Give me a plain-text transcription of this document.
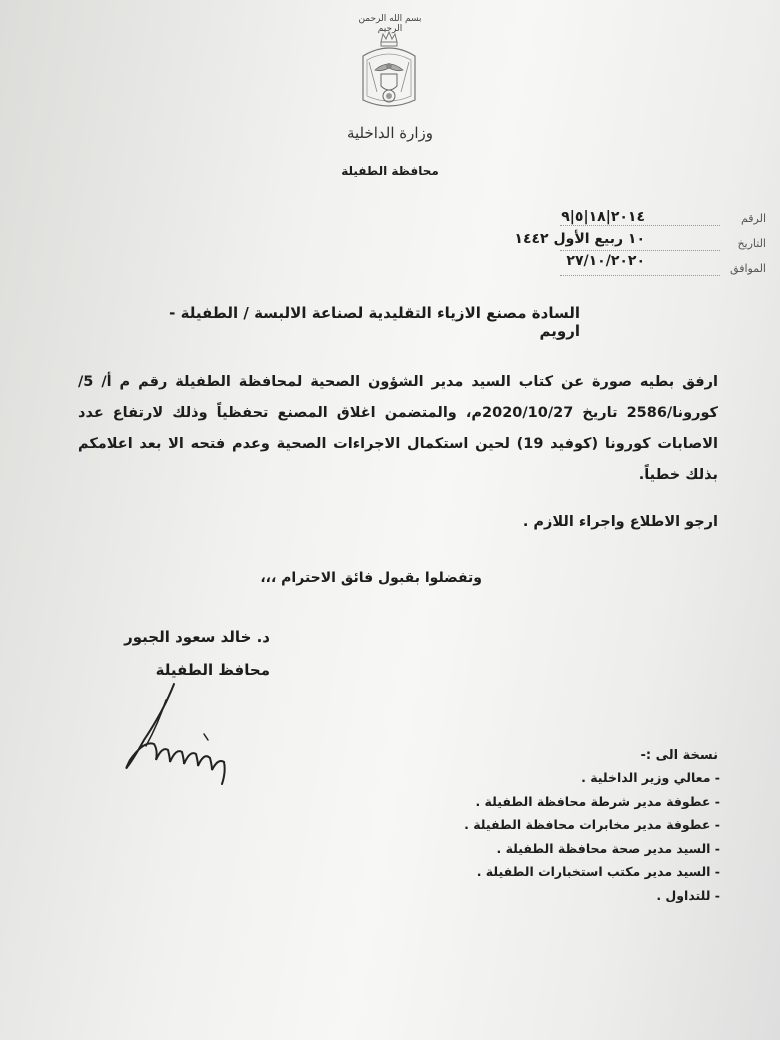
بسم الله الرحمن الرحيم
وزارة الداخلية
محافظة الطفيلة
الرقم
التاريخ
الموافق
٢٠١٤|١٨|٥|٩
١٠ ربيع الأول ١٤٤٢
٢٧/١٠/٢٠٢٠
السادة مصنع الازياء التقليدية لصناعة الالبسة / الطفيلة - ارويم
ارفق بطيه صورة عن كتاب السيد مدير الشؤون الصحية لمحافظة الطفيلة رقم م أ/ 5/ كورونا/2586 تاريخ 2020/10/27م، والمتضمن اغلاق المصنع تحفظياً وذلك لارتفاع عدد الاصابات كورونا (كوفيد 19) لحين استكمال الاجراءات الصحية وعدم فتحه الا بعد اعلامكم بذلك خطياً.
ارجو الاطلاع واجراء اللازم .
وتفضلوا بقبول فائق الاحترام ،،،
د. خالد سعود الجبور
محافظ الطفيلة
نسخة الى :-
- معالي وزير الداخلية .
- عطوفة مدير شرطة محافظة الطفيلة .
- عطوفة مدير مخابرات محافظة الطفيلة .
- السيد مدير صحة محافظة الطفيلة .
- السيد مدير مكتب استخبارات الطفيلة .
- للتداول .
